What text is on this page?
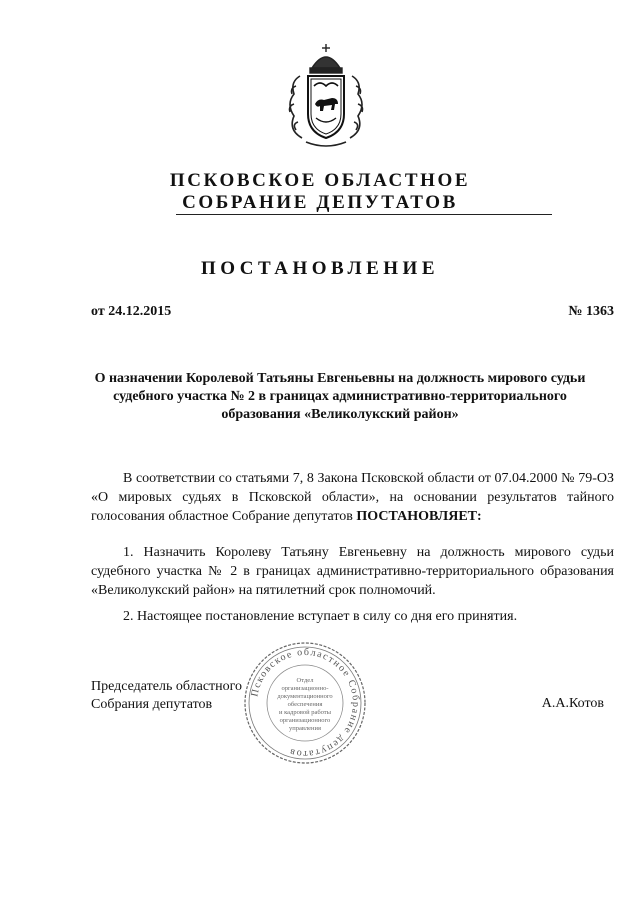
ПСКОВСКОЕ ОБЛАСТНОЕ
СОБРАНИЕ ДЕПУТАТОВ
ПОСТАНОВЛЕНИЕ
от 24.12.2015	№ 1363
О назначении Королевой Татьяны Евгеньевны на должность мирового судьи судебного участка № 2 в границах административно-территориального образования «Великолукский район»
В соответствии со статьями 7, 8 Закона Псковской области от 07.04.2000 № 79-ОЗ «О мировых судьях в Псковской области», на основании результатов тайного голосования областное Собрание депутатов ПОСТАНОВЛЯЕТ:
1. Назначить Королеву Татьяну Евгеньевну на должность мирового судьи судебного участка № 2 в границах административно-территориального образования «Великолукский район» на пятилетний срок полномочий.
2. Настоящее постановление вступает в силу со дня его принятия.
Председатель областного
Собрания депутатов	А.А.Котов
Псковское областное Собрание депутатов
Отдел
организационно-
документационного
обеспечения
и кадровой работы
организационного
управления
